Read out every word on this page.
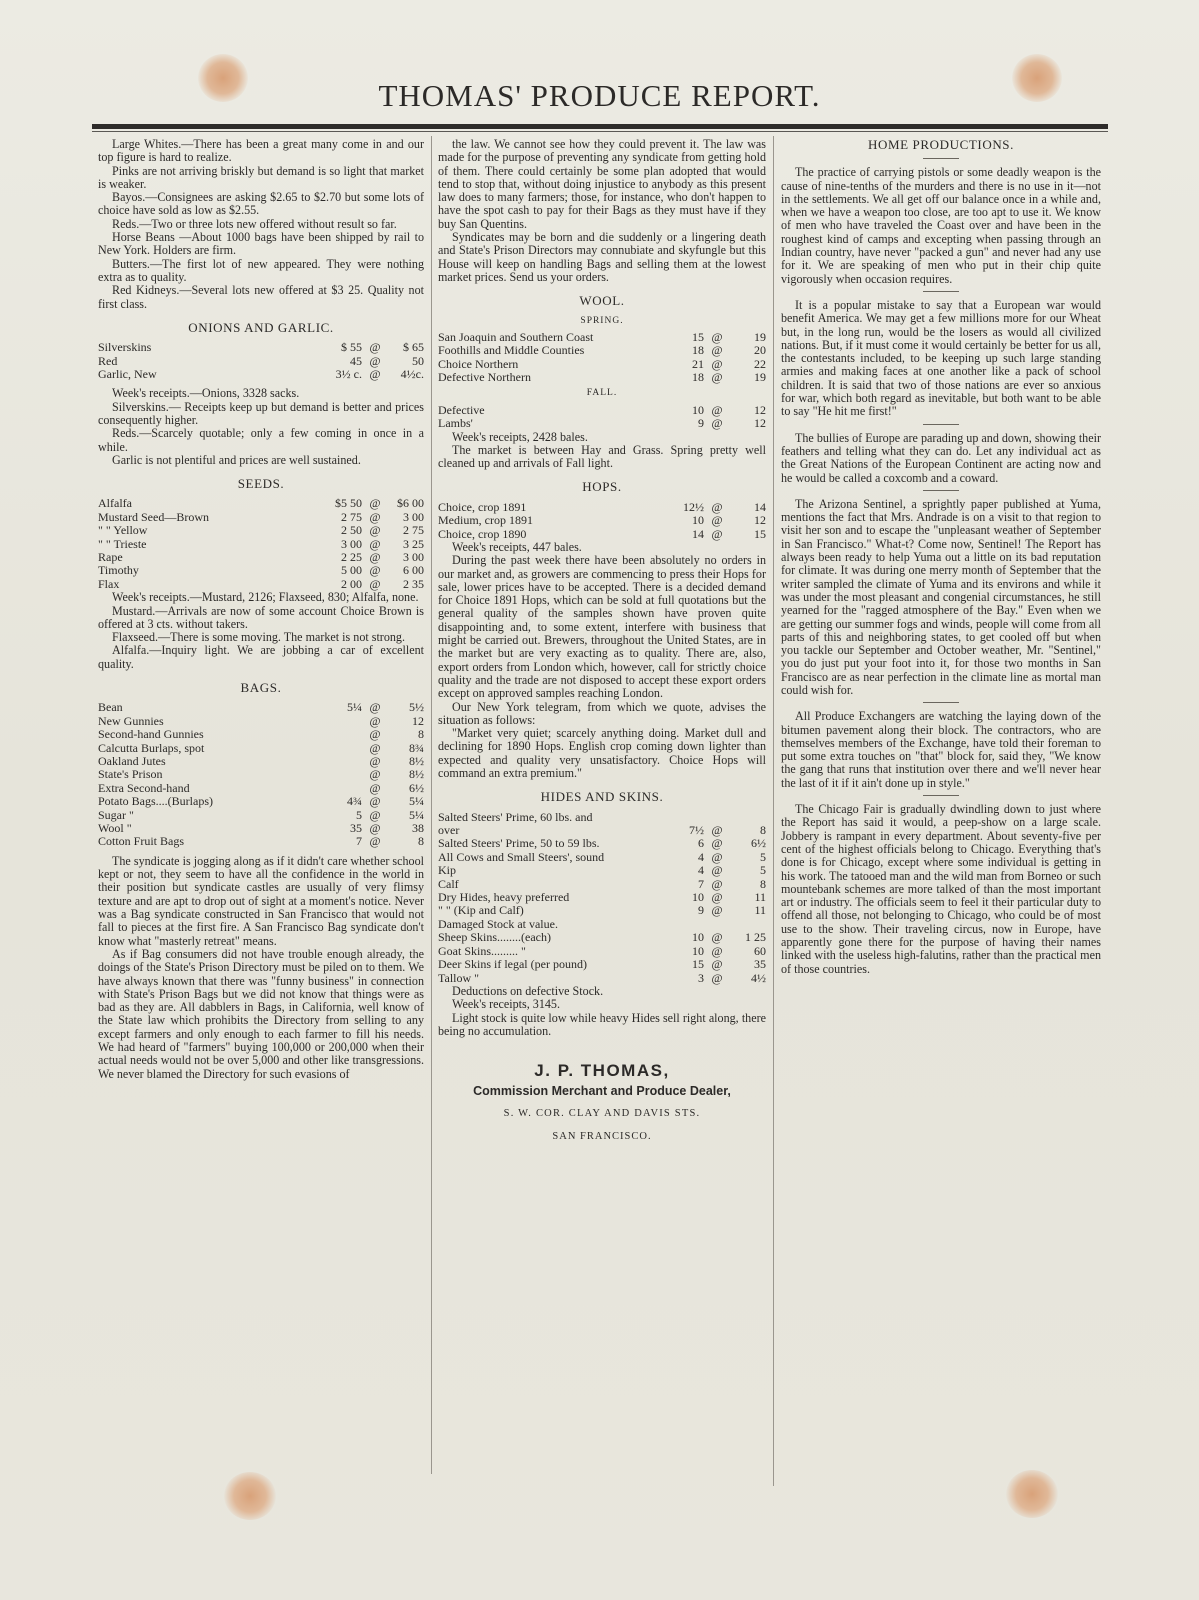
THOMAS' PRODUCE REPORT.

Large Whites.—There has been a great many come in and our top figure is hard to realize.

Pinks are not arriving briskly but demand is so light that market is weaker.

Bayos.—Consignees are asking $2.65 to $2.70 but some lots of choice have sold as low as $2.55.

Reds.—Two or three lots new offered without result so far.

Horse Beans —About 1000 bags have been shipped by rail to New York. Holders are firm.

Butters.—The first lot of new appeared. They were nothing extra as to quality.

Red Kidneys.—Several lots new offered at $3 25. Quality not first class.

ONIONS AND GARLIC.
Silverskins	$ 55	@	$ 65
Red	45	@	50
Garlic, New	3½ c.	@	4½c.

Week's receipts.—Onions, 3328 sacks.

Silverskins.— Receipts keep up but demand is better and prices consequently higher.

Reds.—Scarcely quotable; only a few coming in once in a while.

Garlic is not plentiful and prices are well sustained.

SEEDS.
Alfalfa	$5 50	@	$6 00
Mustard Seed—Brown	2 75	@	3 00
" " Yellow	2 50	@	2 75
" " Trieste	3 00	@	3 25
Rape	2 25	@	3 00
Timothy	5 00	@	6 00
Flax	2 00	@	2 35

Week's receipts.—Mustard, 2126; Flaxseed, 830; Alfalfa, none.

Mustard.—Arrivals are now of some account Choice Brown is offered at 3 cts. without takers.

Flaxseed.—There is some moving. The market is not strong.

Alfalfa.—Inquiry light. We are jobbing a car of excellent quality.

BAGS.
Bean	5¼	@	5½
New Gunnies		@	12
Second-hand Gunnies		@	8
Calcutta Burlaps, spot		@	8¾
Oakland Jutes		@	8½
State's Prison		@	8½
Extra Second-hand		@	6½
Potato Bags....(Burlaps)	4¾	@	5¼
Sugar "	5	@	5¼
Wool "	35	@	38
Cotton Fruit Bags	7	@	8

The syndicate is jogging along as if it didn't care whether school kept or not, they seem to have all the confidence in the world in their position but syndicate castles are usually of very flimsy texture and are apt to drop out of sight at a moment's notice. Never was a Bag syndicate constructed in San Francisco that would not fall to pieces at the first fire. A San Francisco Bag syndicate don't know what "masterly retreat" means.

As if Bag consumers did not have trouble enough already, the doings of the State's Prison Directory must be piled on to them. We have always known that there was "funny business" in connection with State's Prison Bags but we did not know that things were as bad as they are. All dabblers in Bags, in California, well know of the State law which prohibits the Directory from selling to any except farmers and only enough to each farmer to fill his needs. We had heard of "farmers" buying 100,000 or 200,000 when their actual needs would not be over 5,000 and other like transgressions. We never blamed the Directory for such evasions of

the law. We cannot see how they could prevent it. The law was made for the purpose of preventing any syndicate from getting hold of them. There could certainly be some plan adopted that would tend to stop that, without doing injustice to anybody as this present law does to many farmers; those, for instance, who don't happen to have the spot cash to pay for their Bags as they must have if they buy San Quentins.

Syndicates may be born and die suddenly or a lingering death and State's Prison Directors may connubiate and skyfungle but this House will keep on handling Bags and selling them at the lowest market prices. Send us your orders.

WOOL.
SPRING.
San Joaquin and Southern Coast	15	@	19
Foothills and Middle Counties	18	@	20
Choice Northern	21	@	22
Defective Northern	18	@	19
FALL.
Defective	10	@	12
Lambs'	9	@	12

Week's receipts, 2428 bales.

The market is between Hay and Grass. Spring pretty well cleaned up and arrivals of Fall light.

HOPS.
Choice, crop 1891	12½	@	14
Medium, crop 1891	10	@	12
Choice, crop 1890	14	@	15

Week's receipts, 447 bales.

During the past week there have been absolutely no orders in our market and, as growers are commencing to press their Hops for sale, lower prices have to be accepted. There is a decided demand for Choice 1891 Hops, which can be sold at full quotations but the general quality of the samples shown have proven quite disappointing and, to some extent, interfere with business that might be carried out. Brewers, throughout the United States, are in the market but are very exacting as to quality. There are, also, export orders from London which, however, call for strictly choice quality and the trade are not disposed to accept these export orders except on approved samples reaching London.

Our New York telegram, from which we quote, advises the situation as follows:

"Market very quiet; scarcely anything doing. Market dull and declining for 1890 Hops. English crop coming down lighter than expected and quality very unsatisfactory. Choice Hops will command an extra premium."

HIDES AND SKINS.
Salted Steers' Prime, 60 lbs. and			
over	7½	@	8
Salted Steers' Prime, 50 to 59 lbs.	6	@	6½
All Cows and Small Steers', sound	4	@	5
Kip	4	@	5
Calf	7	@	8
Dry Hides, heavy preferred	10	@	11
" " (Kip and Calf)	9	@	11
Damaged Stock at value.			
Sheep Skins........(each)	10	@	1 25
Goat Skins......... "	10	@	60
Deer Skins if legal (per pound)	15	@	35
Tallow "	3	@	4½

Deductions on defective Stock.

Week's receipts, 3145.

Light stock is quite low while heavy Hides sell right along, there being no accumulation.

J. P. THOMAS,
Commission Merchant and Produce Dealer,
S. W. COR. CLAY AND DAVIS STS.
SAN FRANCISCO.
HOME PRODUCTIONS.

The practice of carrying pistols or some deadly weapon is the cause of nine-tenths of the murders and there is no use in it—not in the settlements. We all get off our balance once in a while and, when we have a weapon too close, are too apt to use it. We know of men who have traveled the Coast over and have been in the roughest kind of camps and excepting when passing through an Indian country, have never "packed a gun" and never had any use for it. We are speaking of men who put in their chip quite vigorously when occasion requires.

It is a popular mistake to say that a European war would benefit America. We may get a few millions more for our Wheat but, in the long run, would be the losers as would all civilized nations. But, if it must come it would certainly be better for us all, the contestants included, to be keeping up such large standing armies and making faces at one another like a pack of school children. It is said that two of those nations are ever so anxious for war, which both regard as inevitable, but both want to be able to say "He hit me first!"

The bullies of Europe are parading up and down, showing their feathers and telling what they can do. Let any individual act as the Great Nations of the European Continent are acting now and he would be called a coxcomb and a coward.

The Arizona Sentinel, a sprightly paper published at Yuma, mentions the fact that Mrs. Andrade is on a visit to that region to visit her son and to escape the "unpleasant weather of September in San Francisco." What-t? Come now, Sentinel! The Report has always been ready to help Yuma out a little on its bad reputation for climate. It was during one merry month of September that the writer sampled the climate of Yuma and its environs and while it was under the most pleasant and congenial circumstances, he still yearned for the "ragged atmosphere of the Bay." Even when we are getting our summer fogs and winds, people will come from all parts of this and neighboring states, to get cooled off but when you tackle our September and October weather, Mr. "Sentinel," you do just put your foot into it, for those two months in San Francisco are as near perfection in the climate line as mortal man could wish for.

All Produce Exchangers are watching the laying down of the bitumen pavement along their block. The contractors, who are themselves members of the Exchange, have told their foreman to put some extra touches on "that" block for, said they, "We know the gang that runs that institution over there and we'll never hear the last of it if it ain't done up in style."

The Chicago Fair is gradually dwindling down to just where the Report has said it would, a peep-show on a large scale. Jobbery is rampant in every department. About seventy-five per cent of the highest officials belong to Chicago. Everything that's done is for Chicago, except where some individual is getting in his work. The tatooed man and the wild man from Borneo or such mountebank schemes are more talked of than the most important art or industry. The officials seem to feel it their particular duty to offend all those, not belonging to Chicago, who could be of most use to the show. Their traveling circus, now in Europe, have apparently gone there for the purpose of having their names linked with the useless high-falutins, rather than the practical men of those countries.
